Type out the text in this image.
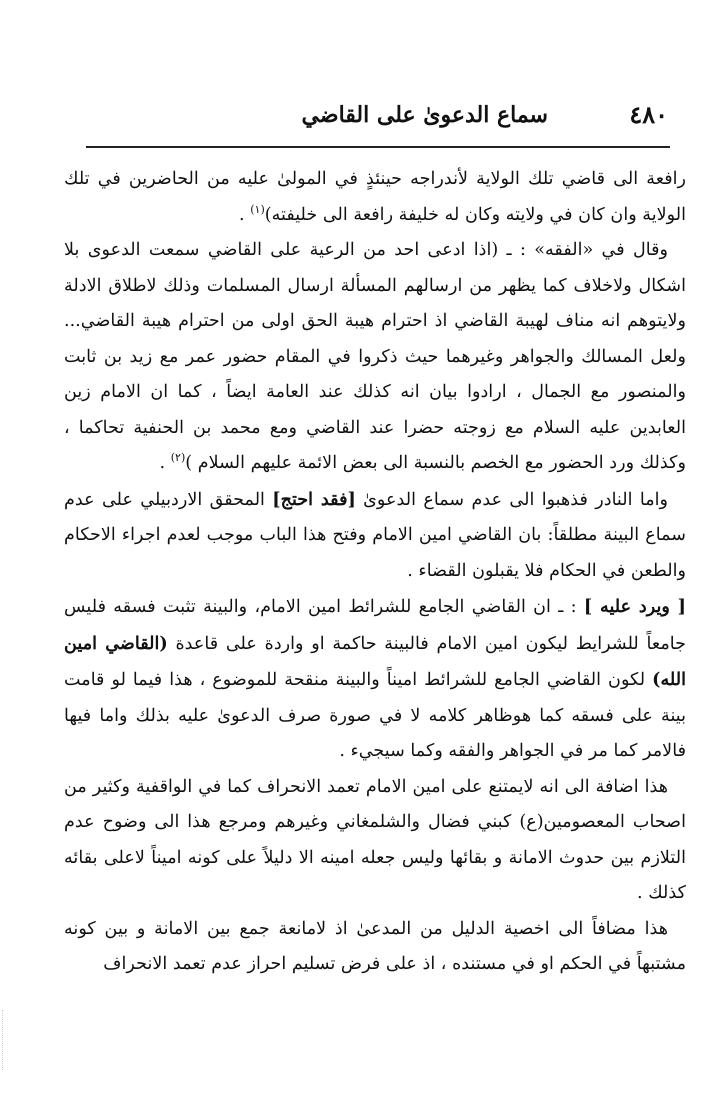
٤٨٠
سماع الدعوىٰ على القاضي

رافعة الى قاضي تلك الولاية لأندراجه حينئذٍ في المولىٰ عليه من الحاضرين في تلك الولاية وان كان في ولايته وكان له خليفة رافعة الى خليفته)$^{(١)}$ .

وقال في «الفقه» : ـ (اذا ادعى احد من الرعية على القاضي سمعت الدعوى بلا اشكال ولاخلاف كما يظهر من ارسالهم المسألة ارسال المسلمات وذلك لاطلاق الادلة ولايتوهم انه مناف لهيبة القاضي اذ احترام هيبة الحق اولى من احترام هيبة القاضي... ولعل المسالك والجواهر وغيرهما حيث ذكروا في المقام حضور عمر مع زيد بن ثابت والمنصور مع الجمال ، ارادوا بيان انه كذلك عند العامة ايضاً ، كما ان الامام زين العابدين عليه السلام مع زوجته حضرا عند القاضي ومع محمد بن الحنفية تحاكما ، وكذلك ورد الحضور مع الخصم بالنسبة الى بعض الائمة عليهم السلام )$^{(٢)}$ .

واما النادر فذهبوا الى عدم سماع الدعوىٰ [فقد احتج] المحقق الاردبيلي على عدم سماع البينة مطلقاً: بان القاضي امين الامام وفتح هذا الباب موجب لعدم اجراء الاحكام والطعن في الحكام فلا يقبلون القضاء .

[ ويرد عليه ] : ـ ان القاضي الجامع للشرائط امين الامام، والبينة تثبت فسقه فليس جامعاً للشرايط ليكون امين الامام فالبينة حاكمة او واردة على قاعدة (القاضي امين الله) لكون القاضي الجامع للشرائط اميناً والبينة منقحة للموضوع ، هذا فيما لو قامت بينة على فسقه كما هوظاهر كلامه لا في صورة صرف الدعوىٰ عليه بذلك واما فيها فالامر كما مر في الجواهر والفقه وكما سيجيء .

هذا اضافة الى انه لايمتنع على امين الامام تعمد الانحراف كما في الواقفية وكثير من اصحاب المعصومين(ع) كبني فضال والشلمغاني وغيرهم ومرجع هذا الى وضوح عدم التلازم بين حدوث الامانة و بقائها وليس جعله امينه الا دليلاً على كونه اميناً لاعلى بقائه كذلك .

هذا مضافاً الى اخصية الدليل من المدعىٰ اذ لامانعة جمع بين الامانة و بين كونه مشتبهاً في الحكم او في مستنده ، اذ على فرض تسليم احراز عدم تعمد الانحراف
